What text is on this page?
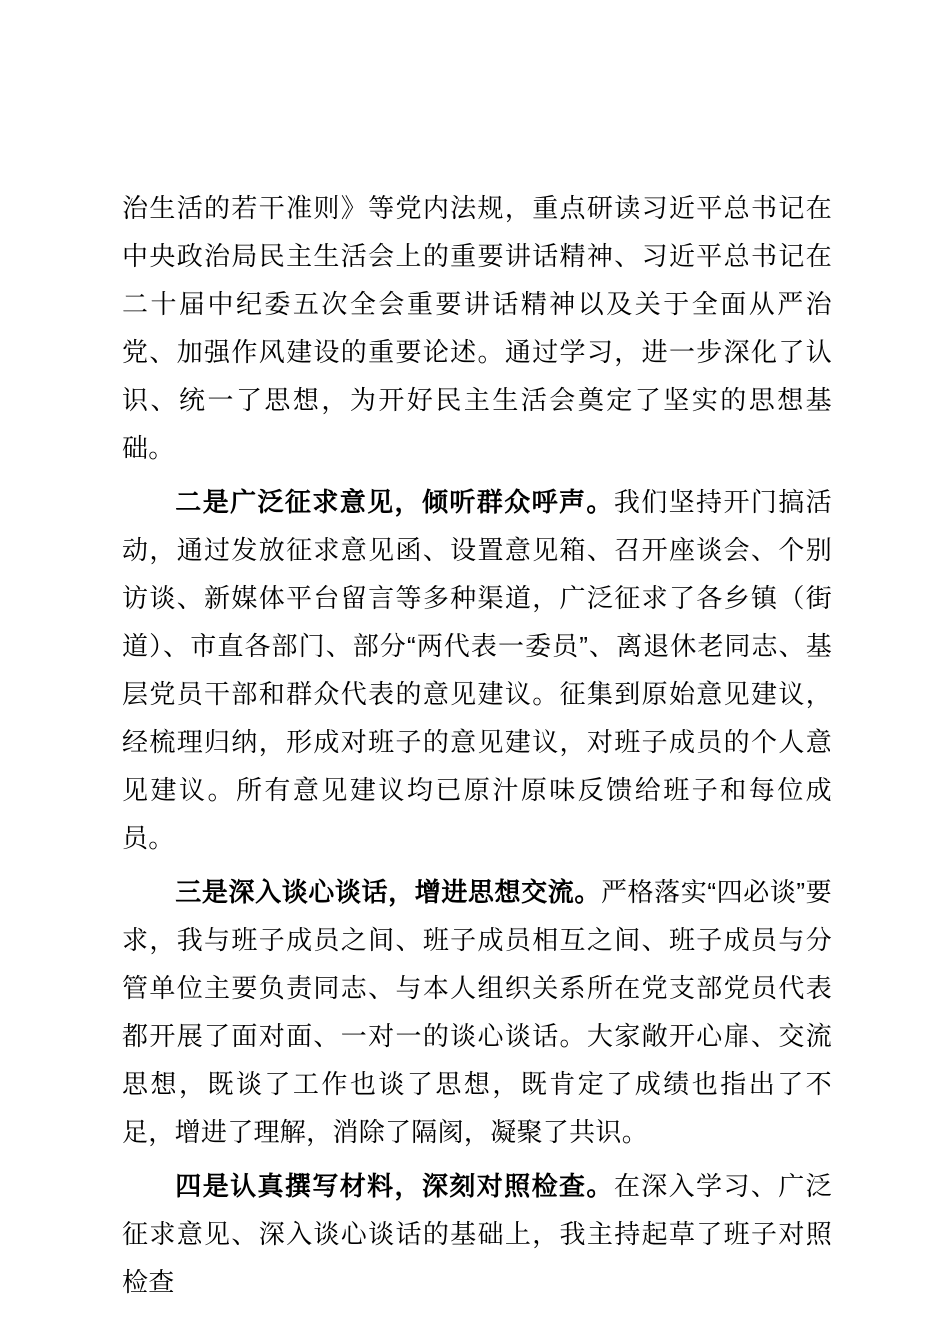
治生活的若干准则》等党内法规，重点研读习近平总书记在中央政治局民主生活会上的重要讲话精神、习近平总书记在二十届中纪委五次全会重要讲话精神以及关于全面从严治党、加强作风建设的重要论述。通过学习，进一步深化了认识、统一了思想，为开好民主生活会奠定了坚实的思想基础。

二是广泛征求意见，倾听群众呼声。我们坚持开门搞活动，通过发放征求意见函、设置意见箱、召开座谈会、个别访谈、新媒体平台留言等多种渠道，广泛征求了各乡镇（街道）、市直各部门、部分“两代表一委员”、离退休老同志、基层党员干部和群众代表的意见建议。征集到原始意见建议，经梳理归纳，形成对班子的意见建议，对班子成员的个人意见建议。所有意见建议均已原汁原味反馈给班子和每位成员。

三是深入谈心谈话，增进思想交流。严格落实“四必谈”要求，我与班子成员之间、班子成员相互之间、班子成员与分管单位主要负责同志、与本人组织关系所在党支部党员代表都开展了面对面、一对一的谈心谈话。大家敞开心扉、交流思想，既谈了工作也谈了思想，既肯定了成绩也指出了不足，增进了理解，消除了隔阂，凝聚了共识。

四是认真撰写材料，深刻对照检查。在深入学习、广泛征求意见、深入谈心谈话的基础上，我主持起草了班子对照检查
